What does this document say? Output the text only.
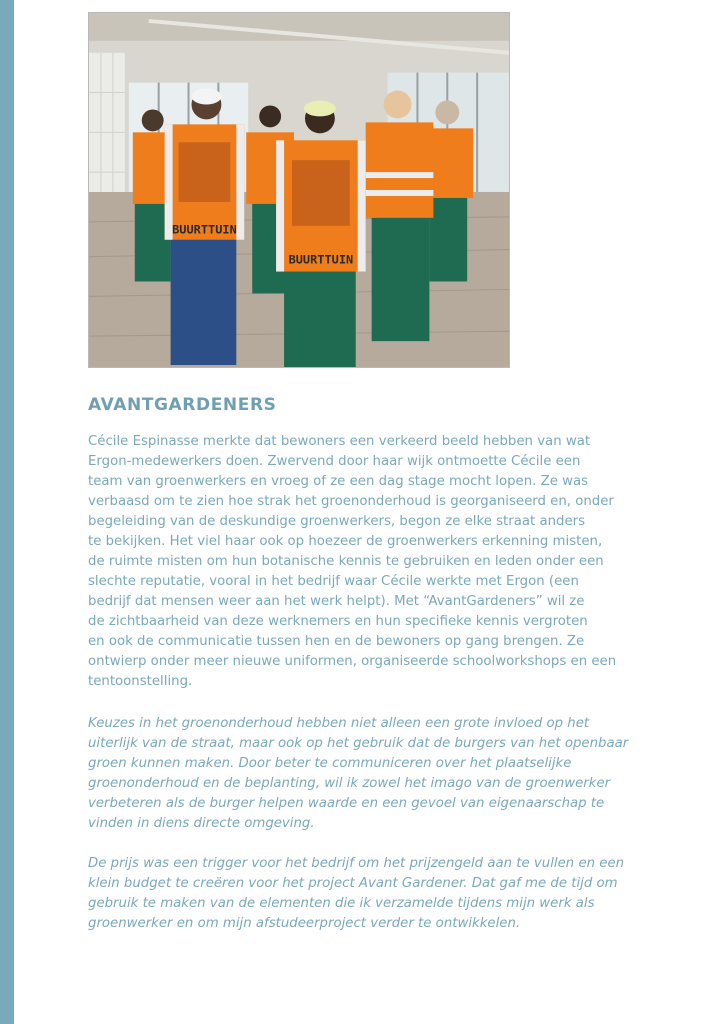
BUURTTUIN
BUURTTUIN
AVANTGARDENERS

Cécile Espinasse merkte dat bewoners een verkeerd beeld hebben van wat
Ergon-medewerkers doen. Zwervend door haar wijk ontmoette Cécile een
team van groenwerkers en vroeg of ze een dag stage mocht lopen. Ze was
verbaasd om te zien hoe strak het groenonderhoud is georganiseerd en, onder
begeleiding van de deskundige groenwerkers, begon ze elke straat anders
te bekijken. Het viel haar ook op hoezeer de groenwerkers erkenning misten,
de ruimte misten om hun botanische kennis te gebruiken en leden onder een
slechte reputatie, vooral in het bedrijf waar Cécile werkte met Ergon (een
bedrijf dat mensen weer aan het werk helpt). Met “AvantGardeners” wil ze
de zichtbaarheid van deze werknemers en hun specifieke kennis vergroten
en ook de communicatie tussen hen en de bewoners op gang brengen. Ze
ontwierp onder meer nieuwe uniformen, organiseerde schoolworkshops en een
tentoonstelling.

Keuzes in het groenonderhoud hebben niet alleen een grote invloed op het
uiterlijk van de straat, maar ook op het gebruik dat de burgers van het openbaar
groen kunnen maken. Door beter te communiceren over het plaatselijke
groenonderhoud en de beplanting, wil ik zowel het imago van de groenwerker
verbeteren als de burger helpen waarde en een gevoel van eigenaarschap te
vinden in diens directe omgeving.

De prijs was een trigger voor het bedrijf om het prijzengeld aan te vullen en een
klein budget te creëren voor het project Avant Gardener. Dat gaf me de tijd om
gebruik te maken van de elementen die ik verzamelde tijdens mijn werk als
groenwerker en om mijn afstudeerproject verder te ontwikkelen.
